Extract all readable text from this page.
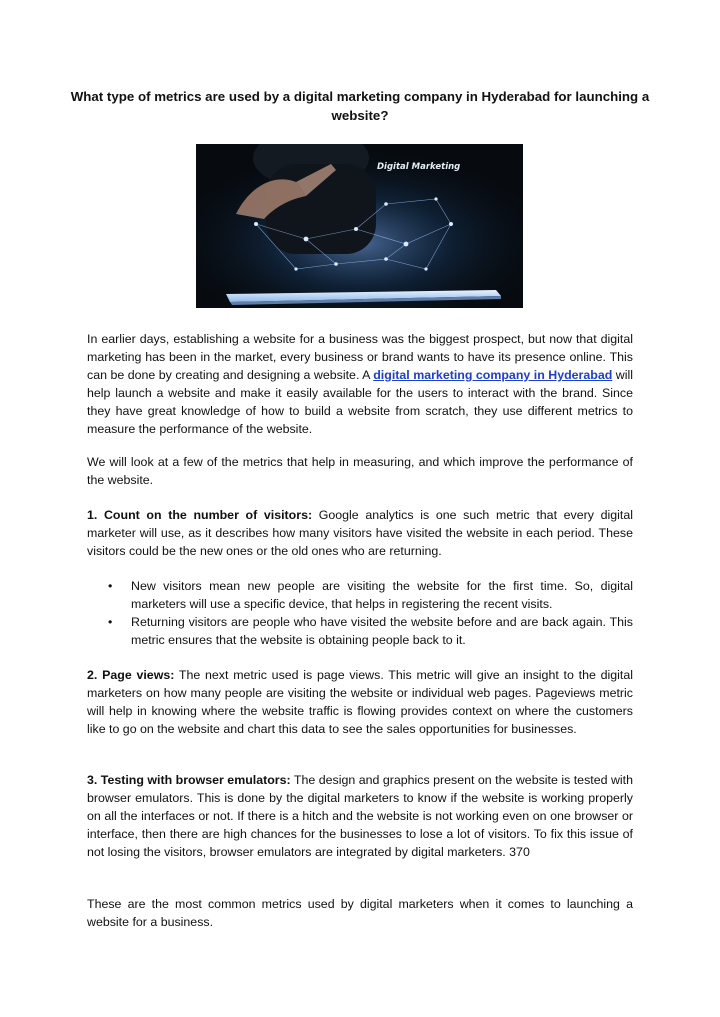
What type of metrics are used by a digital marketing company in Hyderabad for launching a website?
Digital Marketing

In earlier days, establishing a website for a business was the biggest prospect, but now that digital marketing has been in the market, every business or brand wants to have its presence online. This can be done by creating and designing a website. A digital marketing company in Hyderabad will help launch a website and make it easily available for the users to interact with the brand. Since they have great knowledge of how to build a website from scratch, they use different metrics to measure the performance of the website.

We will look at a few of the metrics that help in measuring, and which improve the performance of the website.

1. Count on the number of visitors: Google analytics is one such metric that every digital marketer will use, as it describes how many visitors have visited the website in each period. These visitors could be the new ones or the old ones who are returning.

• New visitors mean new people are visiting the website for the first time. So, digital marketers will use a specific device, that helps in registering the recent visits.
• Returning visitors are people who have visited the website before and are back again. This metric ensures that the website is obtaining people back to it.

2. Page views: The next metric used is page views. This metric will give an insight to the digital marketers on how many people are visiting the website or individual web pages. Pageviews metric will help in knowing where the website traffic is flowing provides context on where the customers like to go on the website and chart this data to see the sales opportunities for businesses.

3. Testing with browser emulators: The design and graphics present on the website is tested with browser emulators. This is done by the digital marketers to know if the website is working properly on all the interfaces or not. If there is a hitch and the website is not working even on one browser or interface, then there are high chances for the businesses to lose a lot of visitors. To fix this issue of not losing the visitors, browser emulators are integrated by digital marketers. 370

These are the most common metrics used by digital marketers when it comes to launching a website for a business.
